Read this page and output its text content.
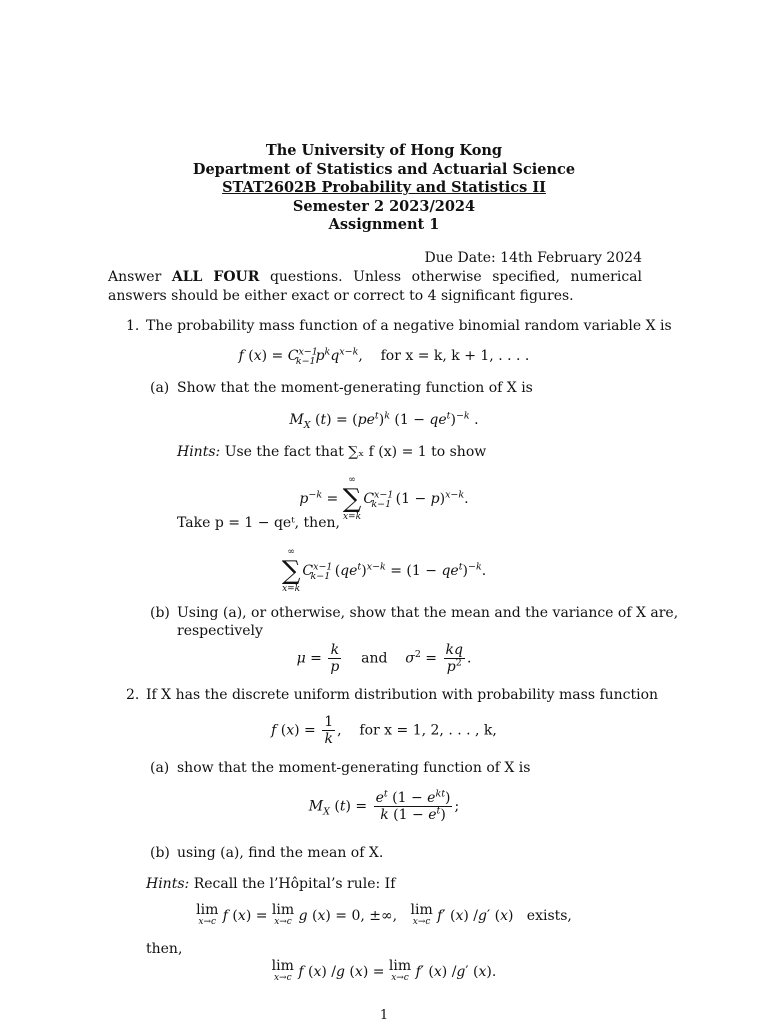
The University of Hong Kong
Department of Statistics and Actuarial Science
STAT2602B Probability and Statistics II
Semester 2 2023/2024
Assignment 1
Due Date: 14th February 2024
Answer ALL FOUR questions. Unless otherwise specified, numerical answers should be either exact or correct to 4 significant figures.
1. The probability mass function of a negative binomial random variable X is
f $(x) = C^{x-1}_{k-1}p^kq^{x-k}$,    for x = k, k + 1, . . . .
(a) Show that the moment-generating function of X is
$M_X$ $(t) = (pe^t)^k$ $(1 - qe^t)^{-k}$ .
Hints: Use the fact that ∑ₓ f (x) = 1 to show
$p^{-k}$ =
∞
∑
x=k
$C^{x-1}_{k-1}$ $(1 - p)^{x-k}$.
Take p = 1 − qeᵗ, then,
∞
∑
x=k
$C^{x-1}_{k-1}$ $(qe^t)^{x-k} = (1 - qe^t)^{-k}$.
(b) Using (a), or otherwise, show that the mean and the variance of X are,
respectively
$\mu = \frac{k}{p}$ and $\sigma^2 = \frac{kq}{p^2}$ .
2. If X has the discrete uniform distribution with probability mass function
f $(x) = \frac{1}{k}$ ,    for x = 1, 2, . . . , k,
(a) show that the moment-generating function of X is
$M_X$ $(t) = \frac{e^t (1 - e^{kt})}{k (1 - e^t)}$ ;
(b) using (a), find the mean of X.
Hints: Recall the l’Hôpital’s rule: If
lim
x→c f (x) = lim
x→c g (x) = 0, ±∞,   lim
x→c f′ (x) /g′ (x)   exists,
then,
lim
x→c f (x) /g (x) = lim
x→c f′ (x) /g′ (x).
1
